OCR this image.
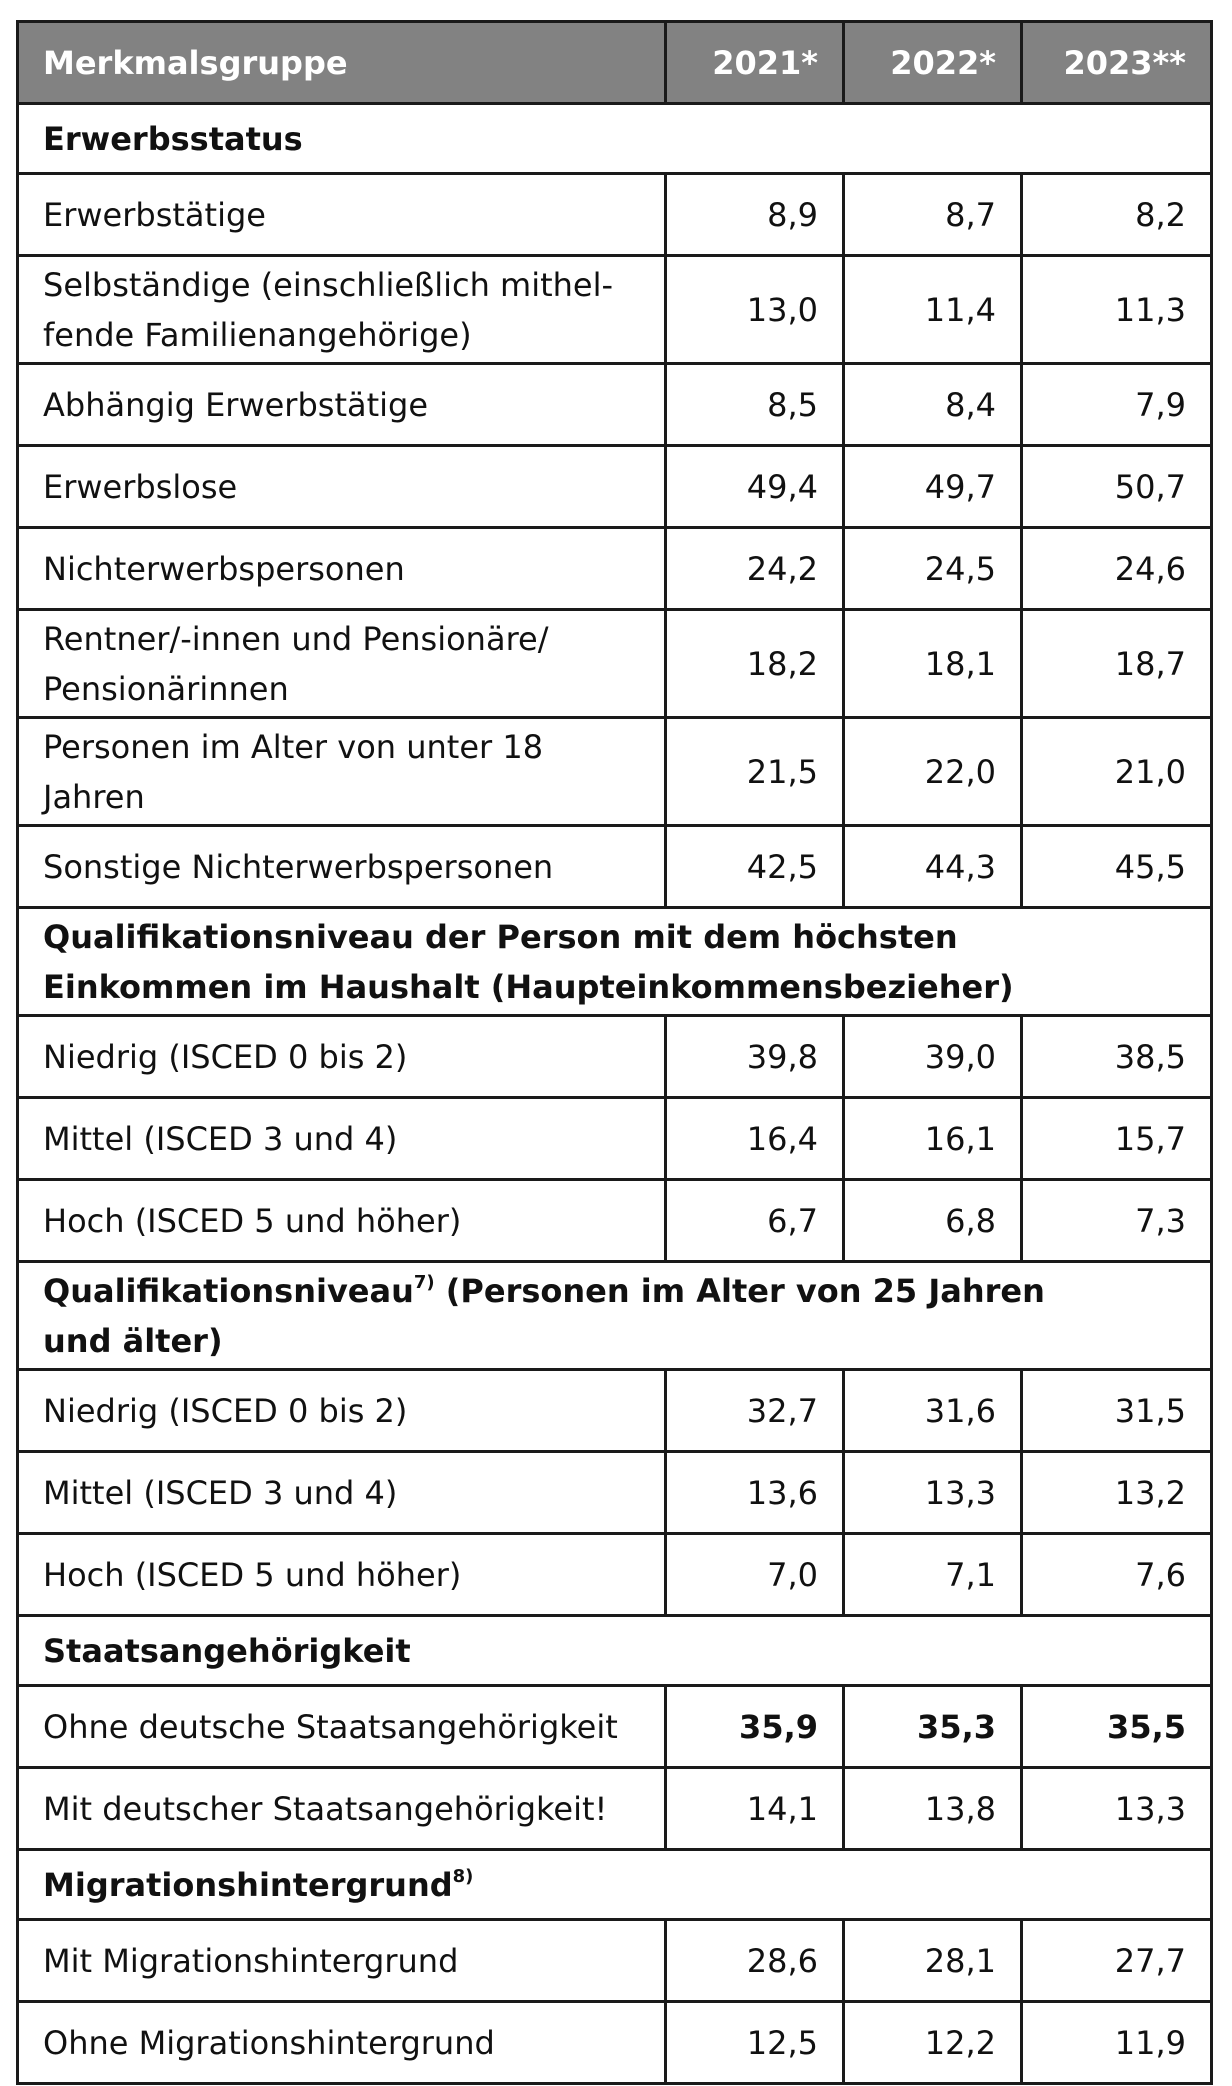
Merkmalsgruppe	2021*	2022*	2023**
Erwerbsstatus			
Erwerbstätige	8,9	8,7	8,2
Selbständige (einschließlich mithel-
fende Familienangehörige)	13,0	11,4	11,3
Abhängig Erwerbstätige	8,5	8,4	7,9
Erwerbslose	49,4	49,7	50,7
Nichterwerbspersonen	24,2	24,5	24,6
Rentner/-innen und Pensionäre/
Pensionärinnen	18,2	18,1	18,7
Personen im Alter von unter 18
Jahren	21,5	22,0	21,0
Sonstige Nichterwerbspersonen	42,5	44,3	45,5
Qualifikationsniveau der Person mit dem höchsten
Einkommen im Haushalt (Haupteinkommensbezieher)			
Niedrig (ISCED 0 bis 2)	39,8	39,0	38,5
Mittel (ISCED 3 und 4)	16,4	16,1	15,7
Hoch (ISCED 5 und höher)	6,7	6,8	7,3
Qualifikationsniveau$^{7)}$ (Personen im Alter von 25 Jahren
und älter)			
Niedrig (ISCED 0 bis 2)	32,7	31,6	31,5
Mittel (ISCED 3 und 4)	13,6	13,3	13,2
Hoch (ISCED 5 und höher)	7,0	7,1	7,6
Staatsangehörigkeit			
Ohne deutsche Staatsangehörigkeit	35,9	35,3	35,5
Mit deutscher Staatsangehörigkeit!	14,1	13,8	13,3
Migrationshintergrund$^{8)}$
Mit Migrationshintergrund	28,6	28,1	27,7
Ohne Migrationshintergrund	12,5	12,2	11,9
